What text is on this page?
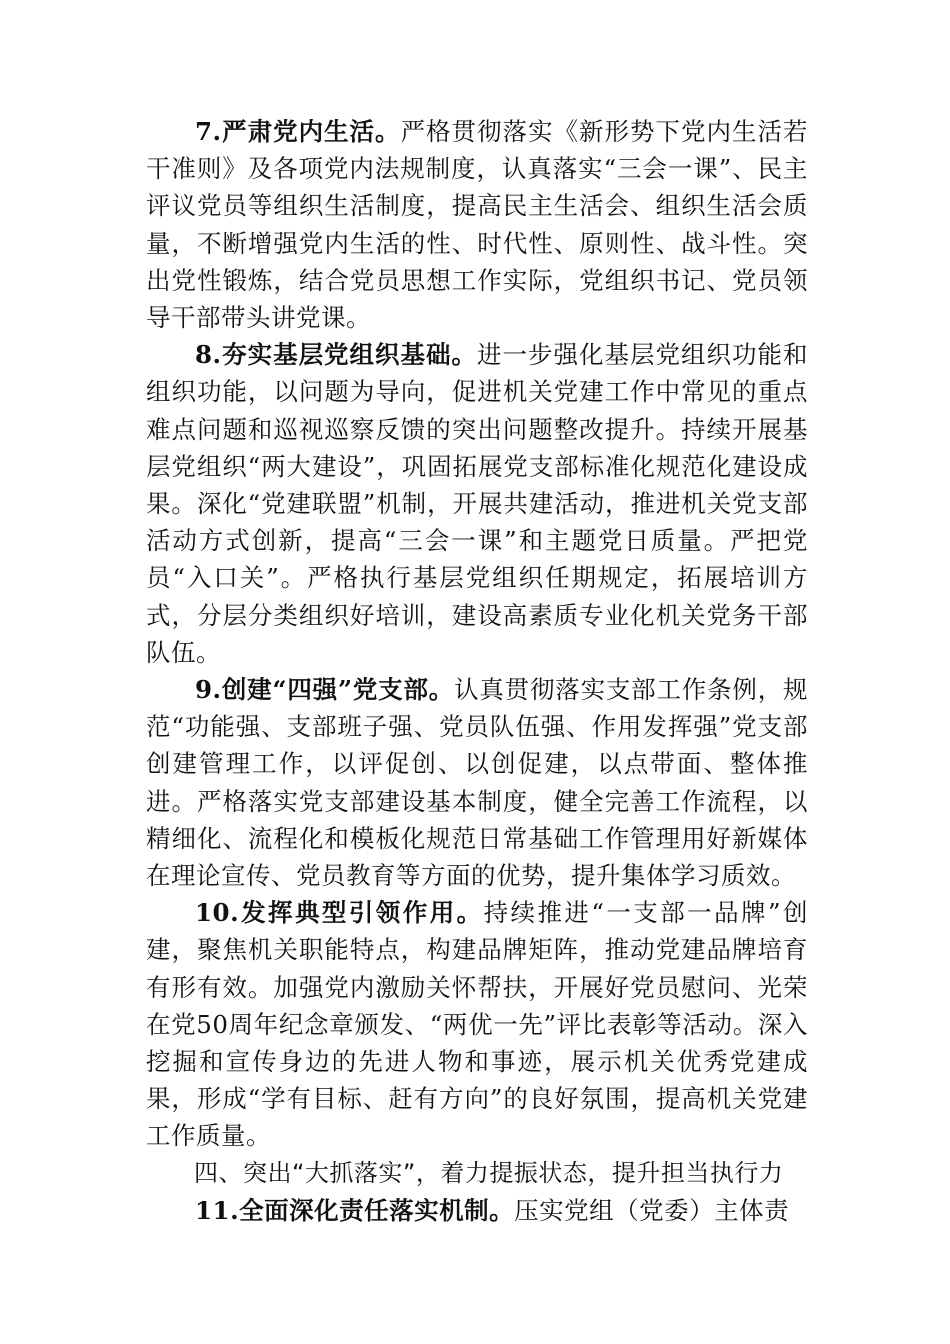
7.严肃党内生活。严格贯彻落实《新形势下党内生活若干准则》及各项党内法规制度，认真落实“三会一课”、民主评议党员等组织生活制度，提高民主生活会、组织生活会质量，不断增强党内生活的性、时代性、原则性、战斗性。突出党性锻炼，结合党员思想工作实际，党组织书记、党员领导干部带头讲党课。

8.夯实基层党组织基础。进一步强化基层党组织功能和组织功能，以问题为导向，促进机关党建工作中常见的重点难点问题和巡视巡察反馈的突出问题整改提升。持续开展基层党组织“两大建设”，巩固拓展党支部标准化规范化建设成果。深化“党建联盟”机制，开展共建活动，推进机关党支部活动方式创新，提高“三会一课”和主题党日质量。严把党员“入口关”。严格执行基层党组织任期规定，拓展培训方式，分层分类组织好培训，建设高素质专业化机关党务干部队伍。

9.创建“四强”党支部。认真贯彻落实支部工作条例，规范“功能强、支部班子强、党员队伍强、作用发挥强”党支部创建管理工作，以评促创、以创促建，以点带面、整体推进。严格落实党支部建设基本制度，健全完善工作流程，以精细化、流程化和模板化规范日常基础工作管理用好新媒体在理论宣传、党员教育等方面的优势，提升集体学习质效。

10.发挥典型引领作用。持续推进“一支部一品牌”创建，聚焦机关职能特点，构建品牌矩阵，推动党建品牌培育有形有效。加强党内激励关怀帮扶，开展好党员慰问、光荣在党50周年纪念章颁发、“两优一先”评比表彰等活动。深入挖掘和宣传身边的先进人物和事迹，展示机关优秀党建成果，形成“学有目标、赶有方向”的良好氛围，提高机关党建工作质量。

四、突出“大抓落实”，着力提振状态，提升担当执行力

11.全面深化责任落实机制。压实党组（党委）主体责
